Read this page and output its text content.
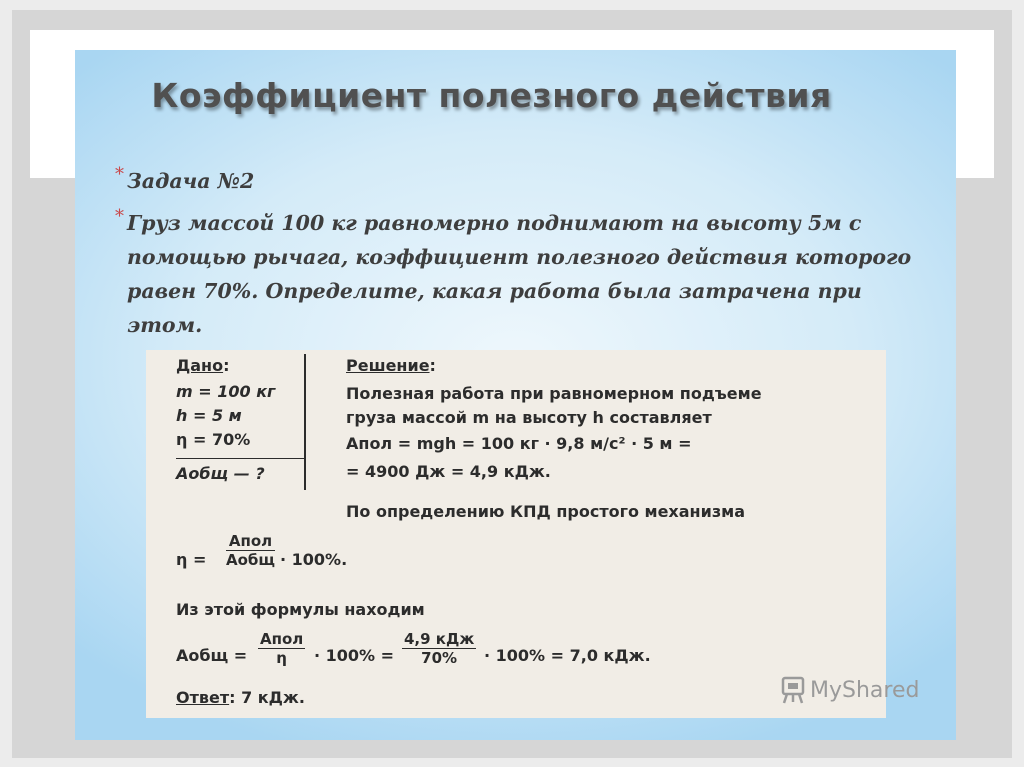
Коэффициент полезного действия
* Задача №2
* Груз массой 100 кг равномерно поднимают на высоту 5м с помощью рычага, коэффициент полезного действия которого равен 70%. Определите, какая работа была затрачена при этом.
Дано:
m = 100 кг
h = 5 м
η = 70%
Aобщ — ?
Решение:
Полезная работа при равномерном подъеме
груза массой m на высоту h составляет
Aпол = mgh = 100 кг · 9,8 м/с² · 5 м =
= 4900 Дж = 4,9 кДж.
По определению КПД простого механизма
η =
Aпол
Aобщ · 100%.
Из этой формулы находим
Aобщ =
Aпол
η	· 100% =
4,9 кДж
70%	· 100% = 7,0 кДж.
Ответ: 7 кДж.	MyShared
